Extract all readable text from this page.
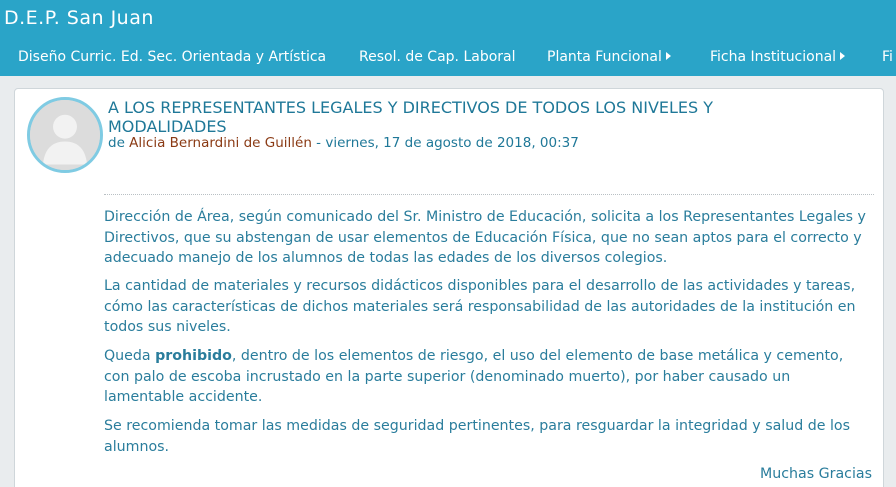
D.E.P. San Juan
Diseño Curric. Ed. Sec. Orientada y Artística Resol. de Cap. Laboral Planta Funcional	Ficha Institucional	Fi
A LOS REPRESENTANTES LEGALES Y DIRECTIVOS DE TODOS LOS NIVELES Y MODALIDADES
de Alicia Bernardini de Guillén - viernes, 17 de agosto de 2018, 00:37

Dirección de Área, según comunicado del Sr. Ministro de Educación, solicita a los Representantes Legales y Directivos, que su abstengan de usar elementos de Educación Física, que no sean aptos para el correcto y adecuado manejo de los alumnos de todas las edades de los diversos colegios.

La cantidad de materiales y recursos didácticos disponibles para el desarrollo de las actividades y tareas, cómo las características de dichos materiales será responsabilidad de las autoridades de la institución en todos sus niveles.

Queda prohibido, dentro de los elementos de riesgo, el uso del elemento de base metálica y cemento, con palo de escoba incrustado en la parte superior (denominado muerto), por haber causado un lamentable accidente.

Se recomienda tomar las medidas de seguridad pertinentes, para resguardar la integridad y salud de los alumnos.

Muchas Gracias
